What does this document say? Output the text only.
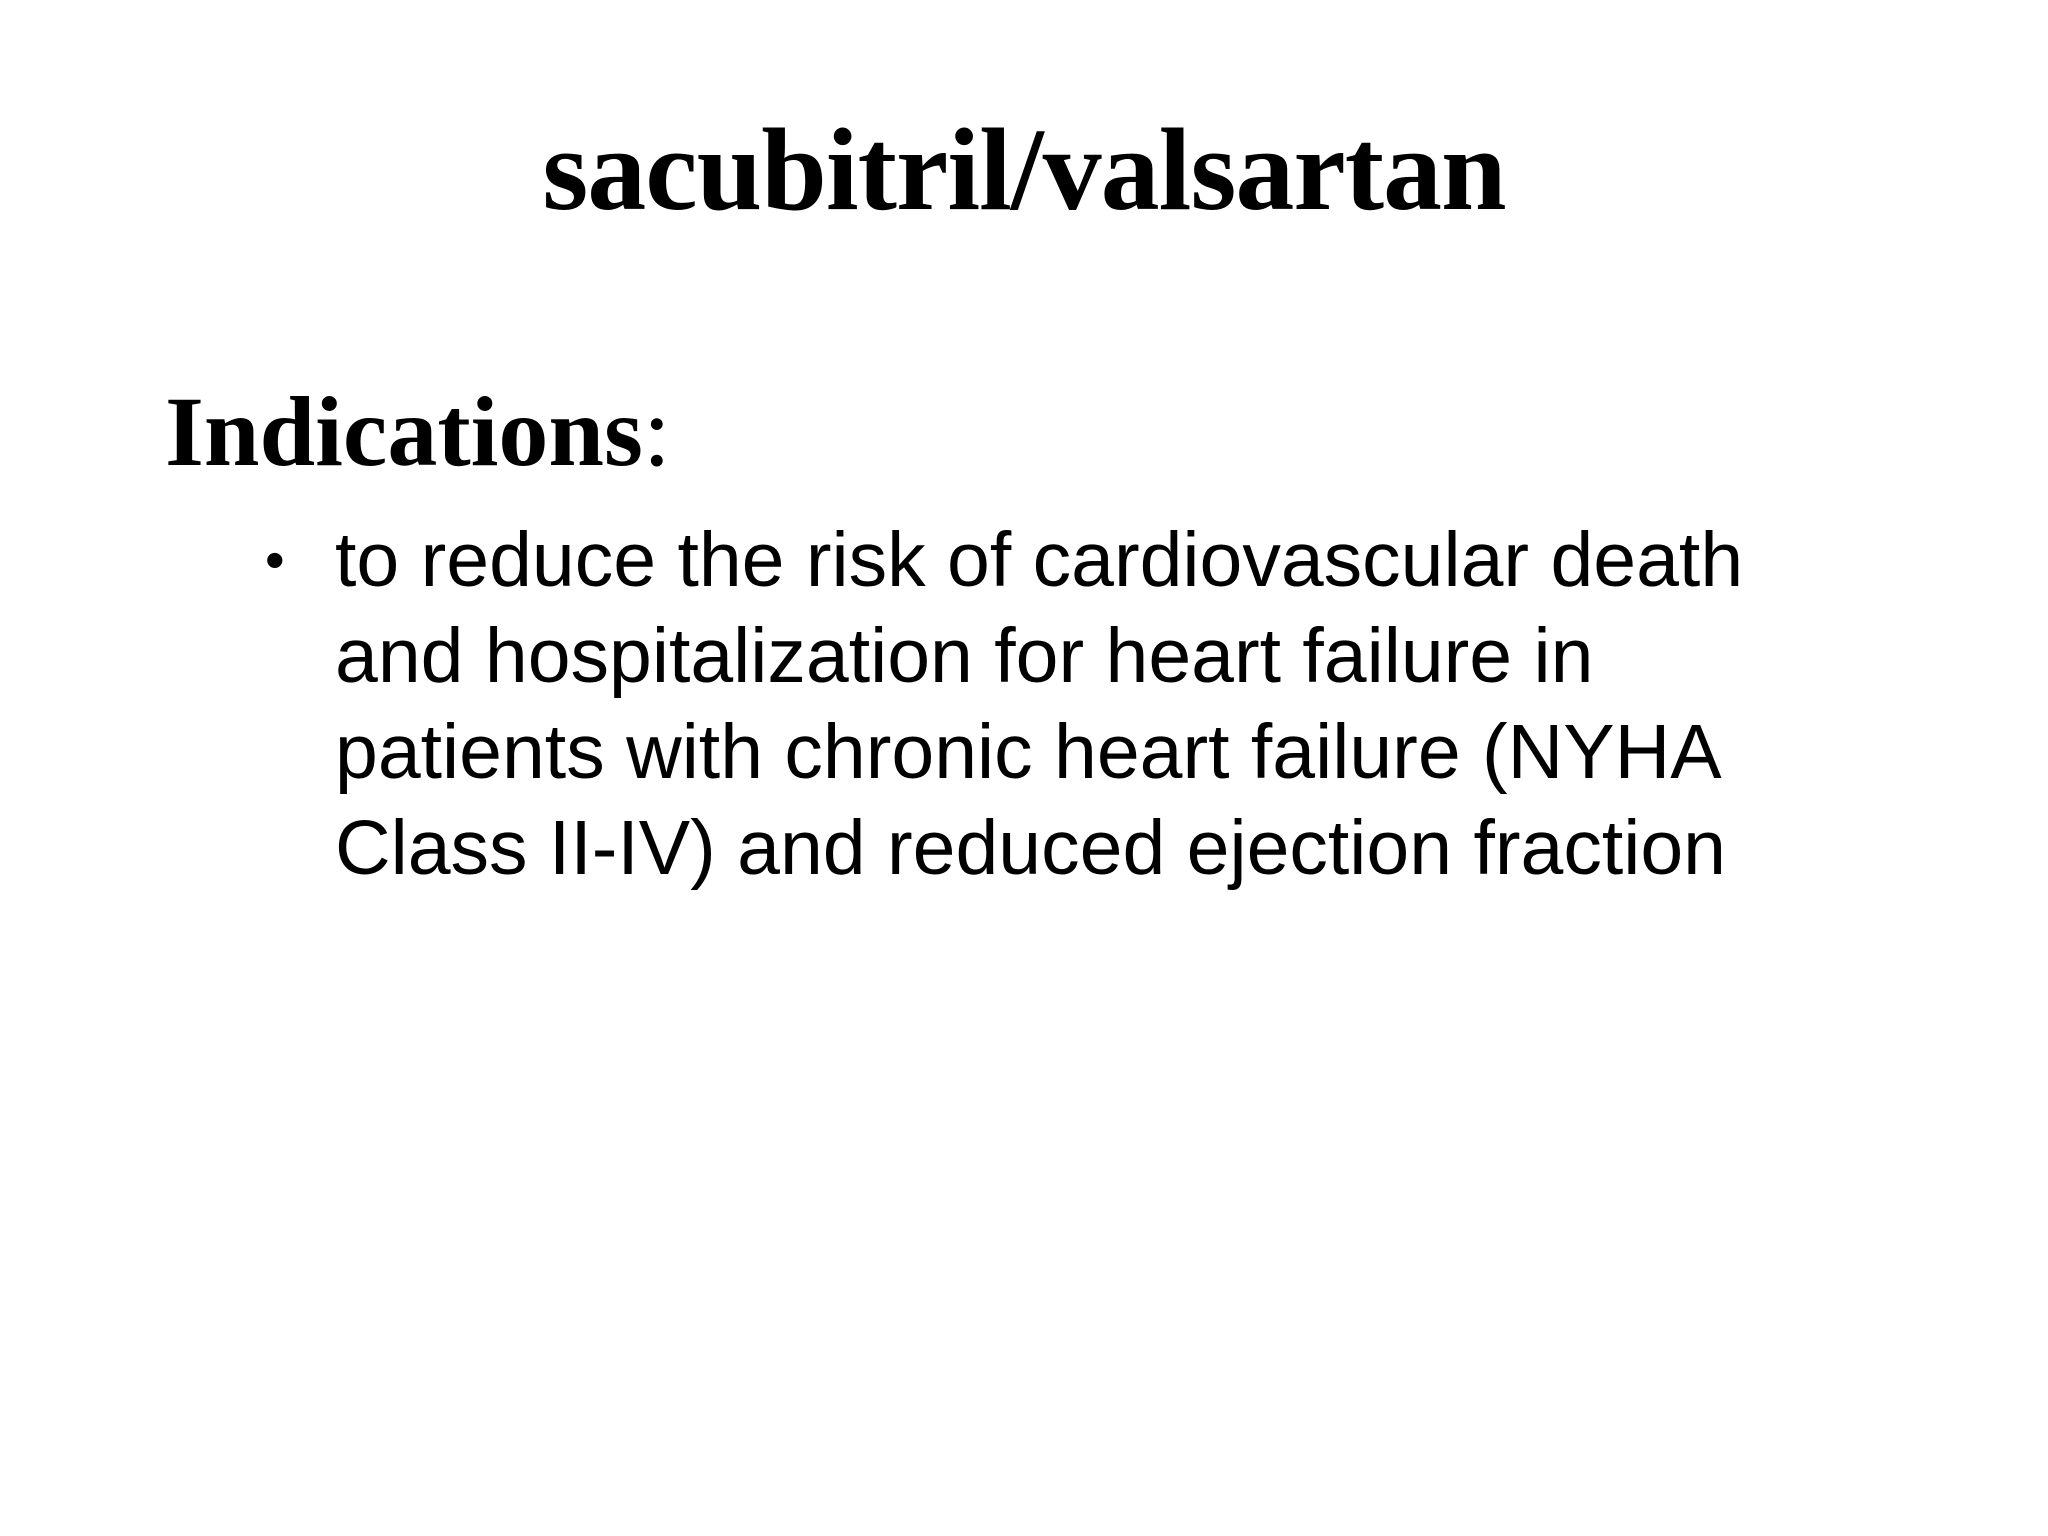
sacubitril/valsartan
Indications:
• to reduce the risk of cardiovascular death and hospitalization for heart failure in patients with chronic heart failure (NYHA Class II-IV) and reduced ejection fraction
